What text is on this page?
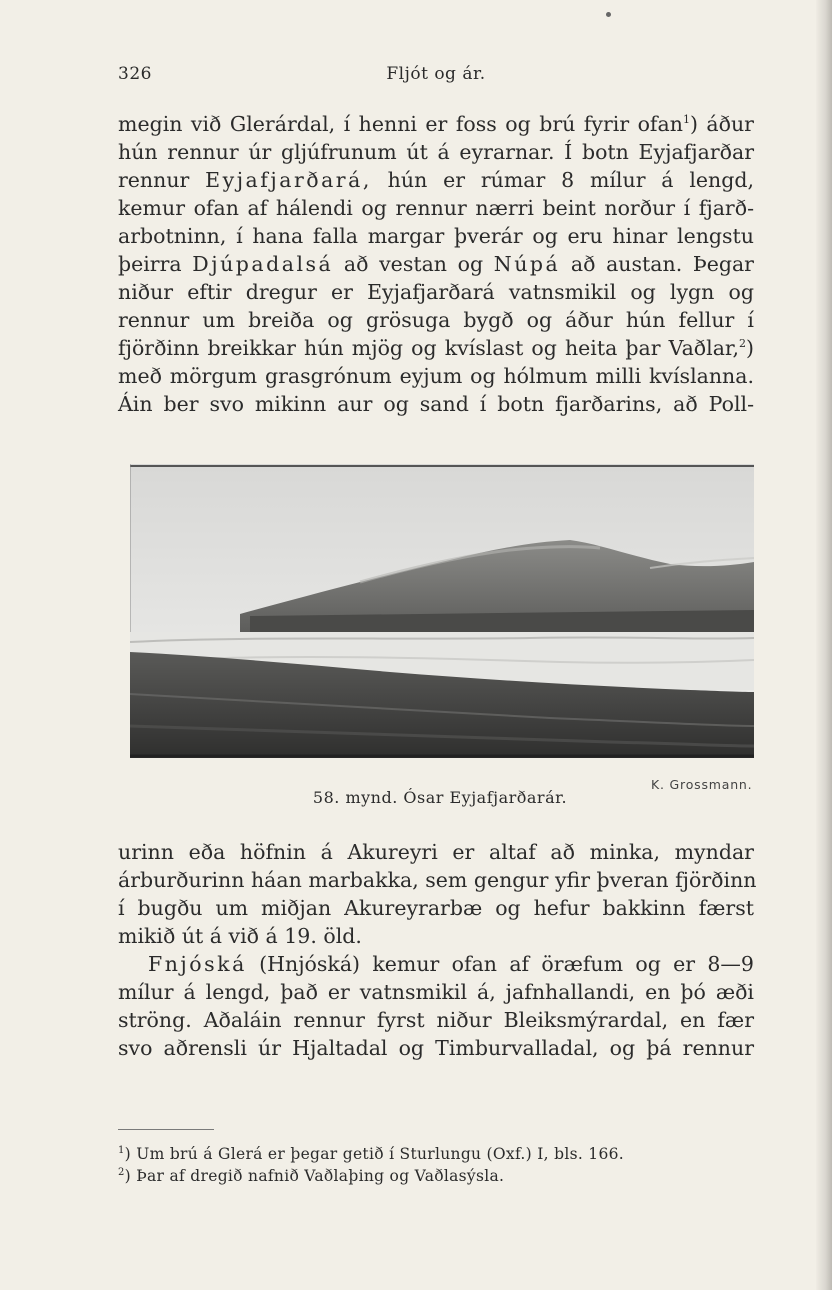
326	Fljót og ár.
megin við Glerárdal, í henni er foss og brú fyrir ofan$^1$) áður
hún rennur úr gljúfrunum út á eyrarnar. Í botn Eyjafjarðar
rennur Eyjafjarðará, hún er rúmar 8 mílur á lengd,
kemur ofan af hálendi og rennur nærri beint norður í fjarð-
arbotninn, í hana falla margar þverár og eru hinar lengstu
þeirra Djúpadalsá að vestan og Núpá að austan. Þegar
niður eftir dregur er Eyjafjarðará vatnsmikil og lygn og
rennur um breiða og grösuga bygð og áður hún fellur í
fjörðinn breikkar hún mjög og kvíslast og heita þar Vaðlar,$^2$)
með mörgum grasgrónum eyjum og hólmum milli kvíslanna.
Áin ber svo mikinn aur og sand í botn fjarðarins, að Poll-
K. Grossmann.
58. mynd. Ósar Eyjafjarðarár.
urinn eða höfnin á Akureyri er altaf að minka, myndar
árburðurinn háan marbakka, sem gengur yfir þveran fjörðinn
í bugðu um miðjan Akureyrarbæ og hefur bakkinn færst
mikið út á við á 19. öld.
Fnjóská (Hnjóská) kemur ofan af öræfum og er 8—9
mílur á lengd, það er vatnsmikil á, jafnhallandi, en þó æði
ströng. Aðaláin rennur fyrst niður Bleiksmýrardal, en fær
svo aðrensli úr Hjaltadal og Timburvalladal, og þá rennur
$^1$) Um brú á Glerá er þegar getið í Sturlungu (Oxf.) I, bls. 166.
$^2$) Þar af dregið nafnið Vaðlaþing og Vaðlasýsla.
